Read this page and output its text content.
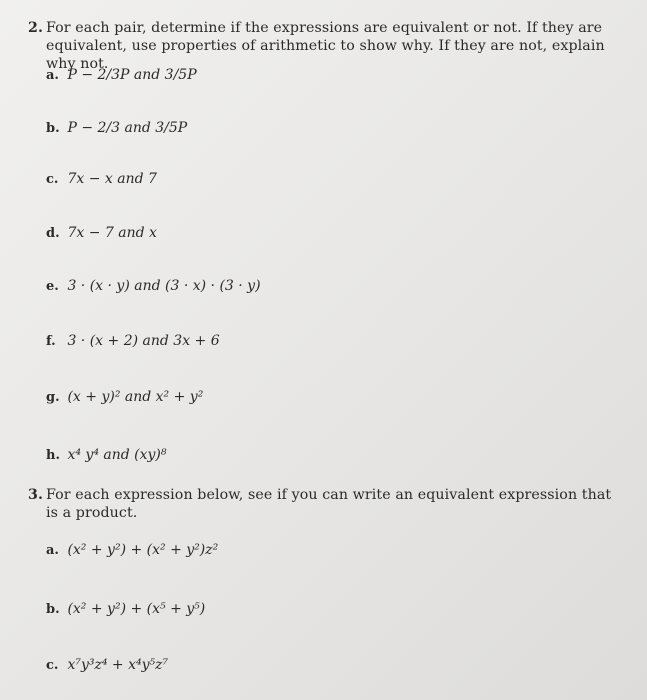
2. For each pair, determine if the expressions are equivalent or not. If they are equivalent, use properties of arithmetic to show why. If they are not, explain why not.
a. P − 2/3P and 3/5P
b. P − 2/3 and 3/5P
c. 7x − x and 7
d. 7x − 7 and x
e. 3 · (x · y) and (3 · x) · (3 · y)
f. 3 · (x + 2) and 3x + 6
g. (x + y)² and x² + y²
h. x⁴ y⁴ and (xy)⁸
3. For each expression below, see if you can write an equivalent expression that is a product.
a. (x² + y²) + (x² + y²)z²
b. (x² + y²) + (x⁵ + y⁵)
c. x⁷y³z⁴ + x⁴y⁵z⁷
